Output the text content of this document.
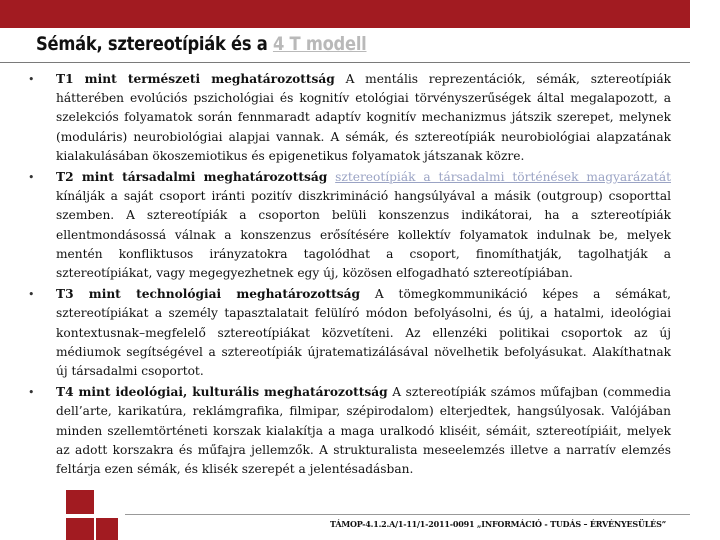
Sémák, sztereotípiák és a 4 T modell
• T1 mint természeti meghatározottság A mentális reprezentációk, sémák, sztereotípiák hátterében evolúciós pszichológiai és kognitív etológiai törvényszerűségek által megalapozott, a szelekciós folyamatok során fennmaradt adaptív kognitív mechanizmus játszik szerepet, melynek (moduláris) neurobiológiai alapjai vannak. A sémák, és sztereotípiák neurobiológiai alapzatának kialakulásában ökoszemiotikus és epigenetikus folyamatok játszanak közre.
• T2 mint társadalmi meghatározottság sztereotípiák a társadalmi történések magyarázatát kínálják a saját csoport iránti pozitív diszkrimináció hangsúlyával a másik (outgroup) csoporttal szemben. A sztereotípiák a csoporton belüli konszenzus indikátorai, ha a sztereotípiák ellentmondásossá válnak a konszenzus erősítésére kollektív folyamatok indulnak be, melyek mentén konfliktusos irányzatokra tagolódhat a csoport, finomíthatják, tagolhatják a sztereotípiákat, vagy megegyezhetnek egy új, közösen elfogadható sztereotípiában.
• T3 mint technológiai meghatározottság A tömegkommunikáció képes a sémákat, sztereotípiákat a személy tapasztalatait felülíró módon befolyásolni, és új, a hatalmi, ideológiai kontextusnak–megfelelő sztereotípiákat közvetíteni. Az ellenzéki politikai csoportok az új médiumok segítségével a sztereotípiák újratematizálásával növelhetik befolyásukat. Alakíthatnak új társadalmi csoportot.
• T4 mint ideológiai, kulturális meghatározottság A sztereotípiák számos műfajban (commedia dell’arte, karikatúra, reklámgrafika, filmipar, szépirodalom) elterjedtek, hangsúlyosak. Valójában minden szellemtörténeti korszak kialakítja a maga uralkodó kliséit, sémáit, sztereotípiáit, melyek az adott korszakra és műfajra jellemzők. A strukturalista meseelemzés illetve a narratív elemzés feltárja ezen sémák, és klisék szerepét a jelentésadásban.
TÁMOP-4.1.2.A/1-11/1-2011-0091 „INFORMÁCIÓ - TUDÁS – ÉRVÉNYESÜLÉS”
